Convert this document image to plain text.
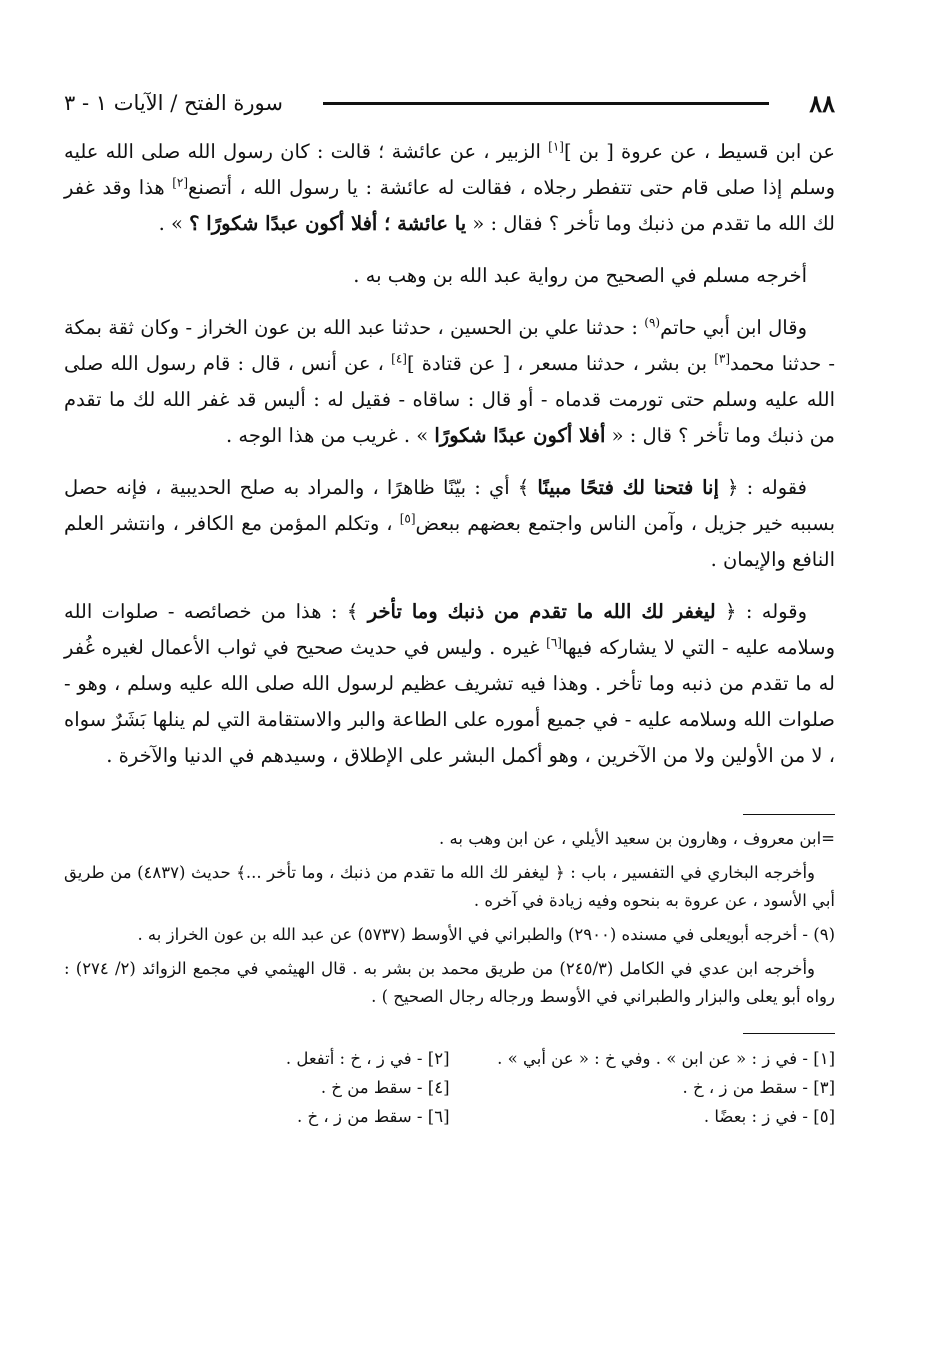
٨٨
سورة الفتح / الآيات ١ - ٣

عن ابن قسيط ، عن عروة [ بن ][١] الزبير ، عن عائشة ؛ قالت : كان رسول الله صلى الله عليه وسلم إذا صلى قام حتى تتفطر رجلاه ، فقالت له عائشة : يا رسول الله ، أتصنع[٢] هذا وقد غفر لك الله ما تقدم من ذنبك وما تأخر ؟ فقال : « يا عائشة ؛ أفلا أكون عبدًا شكورًا ؟ » .

أخرجه مسلم في الصحيح من رواية عبد الله بن وهب به .

وقال ابن أبي حاتم$^{(٩)}$ : حدثنا علي بن الحسين ، حدثنا عبد الله بن عون الخراز - وكان ثقة بمكة - حدثنا محمد[٣] بن بشر ، حدثنا مسعر ، [ عن قتادة ][٤] ، عن أنس ، قال : قام رسول الله صلى الله عليه وسلم حتى تورمت قدماه - أو قال : ساقاه - فقيل له : أليس قد غفر الله لك ما تقدم من ذنبك وما تأخر ؟ قال : « أفلا أكون عبدًا شكورًا » . غريب من هذا الوجه .

فقوله : ﴿ إنا فتحنا لك فتحًا مبينًا ﴾ أي : بيّنًا ظاهرًا ، والمراد به صلح الحديبية ، فإنه حصل بسببه خير جزيل ، وآمن الناس واجتمع بعضهم ببعض[٥] ، وتكلم المؤمن مع الكافر ، وانتشر العلم النافع والإيمان .

وقوله : ﴿ ليغفر لك الله ما تقدم من ذنبك وما تأخر ﴾ : هذا من خصائصه - صلوات الله وسلامه عليه - التي لا يشاركه فيها[٦] غيره . وليس في حديث صحيح في ثواب الأعمال لغيره غُفر له ما تقدم من ذنبه وما تأخر . وهذا فيه تشريف عظيم لرسول الله صلى الله عليه وسلم ، وهو - صلوات الله وسلامه عليه - في جميع أموره على الطاعة والبر والاستقامة التي لم ينلها بَشَرٌ سواه ، لا من الأولين ولا من الآخرين ، وهو أكمل البشر على الإطلاق ، وسيدهم في الدنيا والآخرة .

=ابن معروف ، وهارون بن سعيد الأيلي ، عن ابن وهب به .

وأخرجه البخاري في التفسير ، باب : ﴿ ليغفر لك الله ما تقدم من ذنبك ، وما تأخر ...﴾ حديث (٤٨٣٧) من طريق أبي الأسود ، عن عروة به بنحوه وفيه زيادة في آخره .

(٩) - أخرجه أبويعلى في مسنده (٢٩٠٠) والطبراني في الأوسط (٥٧٣٧) عن عبد الله بن عون الخراز به .

وأخرجه ابن عدي في الكامل (٢٤٥/٣) من طريق محمد بن بشر به . قال الهيثمي في مجمع الزوائد (٢/ ٢٧٤) : رواه أبو يعلى والبزار والطبراني في الأوسط ورجاله رجال الصحيح ) .

[١] - في ز : « عن ابن » . وفي خ : « عن أبي » .
[٢] - في ز ، خ : أتفعل .
[٣] - سقط من ز ، خ .
[٤] - سقط من خ .
[٥] - في ز : بعضًا .
[٦] - سقط من ز ، خ .
